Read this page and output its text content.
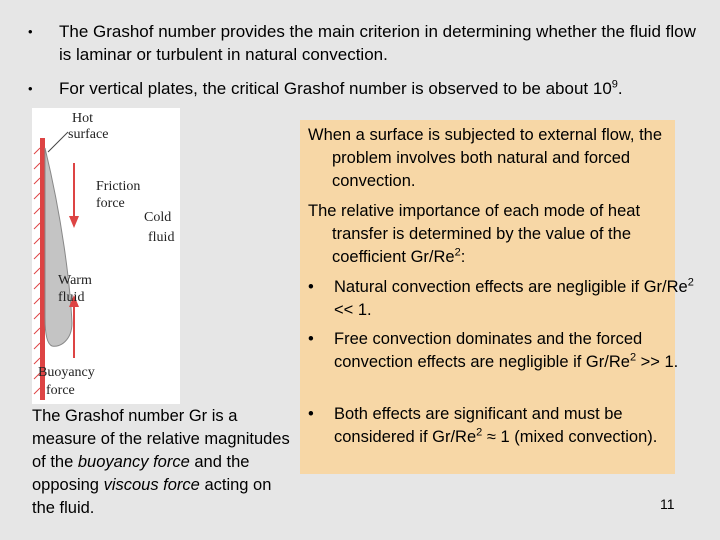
• The Grashof number provides the main criterion in determining whether the fluid flow is laminar or turbulent in natural convection.
• For vertical plates, the critical Grashof number is observed to be about $10^9$.
Hot
surface
Friction
force
Cold
fluid
Warm
fluid
Buoyancy
force
The Grashof number Gr is a measure of the relative magnitudes of the buoyancy force and the opposing viscous force acting on the fluid.
When a surface is subjected to external flow, the problem involves both natural and forced convection.
The relative importance of each mode of heat transfer is determined by the value of the coefficient Gr/Re$^2$:
• Natural convection effects are negligible if $Gr/Re^2 << 1$.
• Free convection dominates and the forced convection effects are negligible if $Gr/Re^2 >> 1$.
• Both effects are significant and must be considered if $Gr/Re^2 \approx 1$ (mixed convection).
11
